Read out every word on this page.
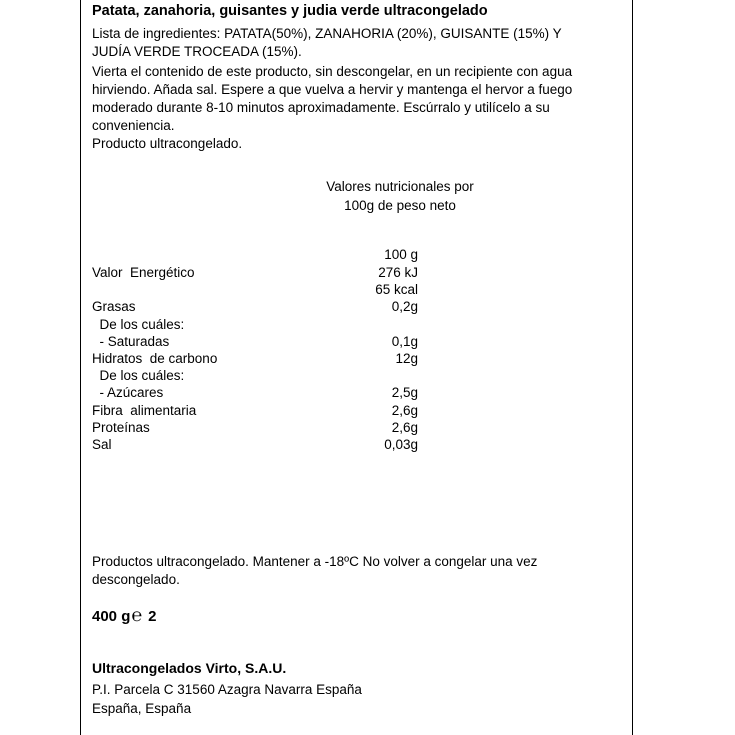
Patata, zanahoria, guisantes y judia verde ultracongelado
Lista de ingredientes: PATATA(50%), ZANAHORIA (20%), GUISANTE (15%) Y
JUDÍA VERDE TROCEADA (15%).
Vierta el contenido de este producto, sin descongelar, en un recipiente con agua
hirviendo. Añada sal. Espere a que vuelva a hervir y mantenga el hervor a fuego
moderado durante 8-10 minutos aproximadamente. Escúrralo y utilícelo a su
conveniencia.
Producto ultracongelado.
Valores nutricionales por
100g de peso neto
100 g
Valor  Energético	276 kJ
65 kcal
Grasas	0,2g
De los cuáles:
- Saturadas	0,1g
Hidratos  de carbono	12g
De los cuáles:
- Azúcares	2,5g
Fibra  alimentaria	2,6g
Proteínas	2,6g
Sal	0,03g
Productos ultracongelado. Mantener a -18ºC No volver a congelar una vez
descongelado.
400 g℮ 2
Ultracongelados Virto, S.A.U.
P.I. Parcela C 31560 Azagra Navarra España
España, España
